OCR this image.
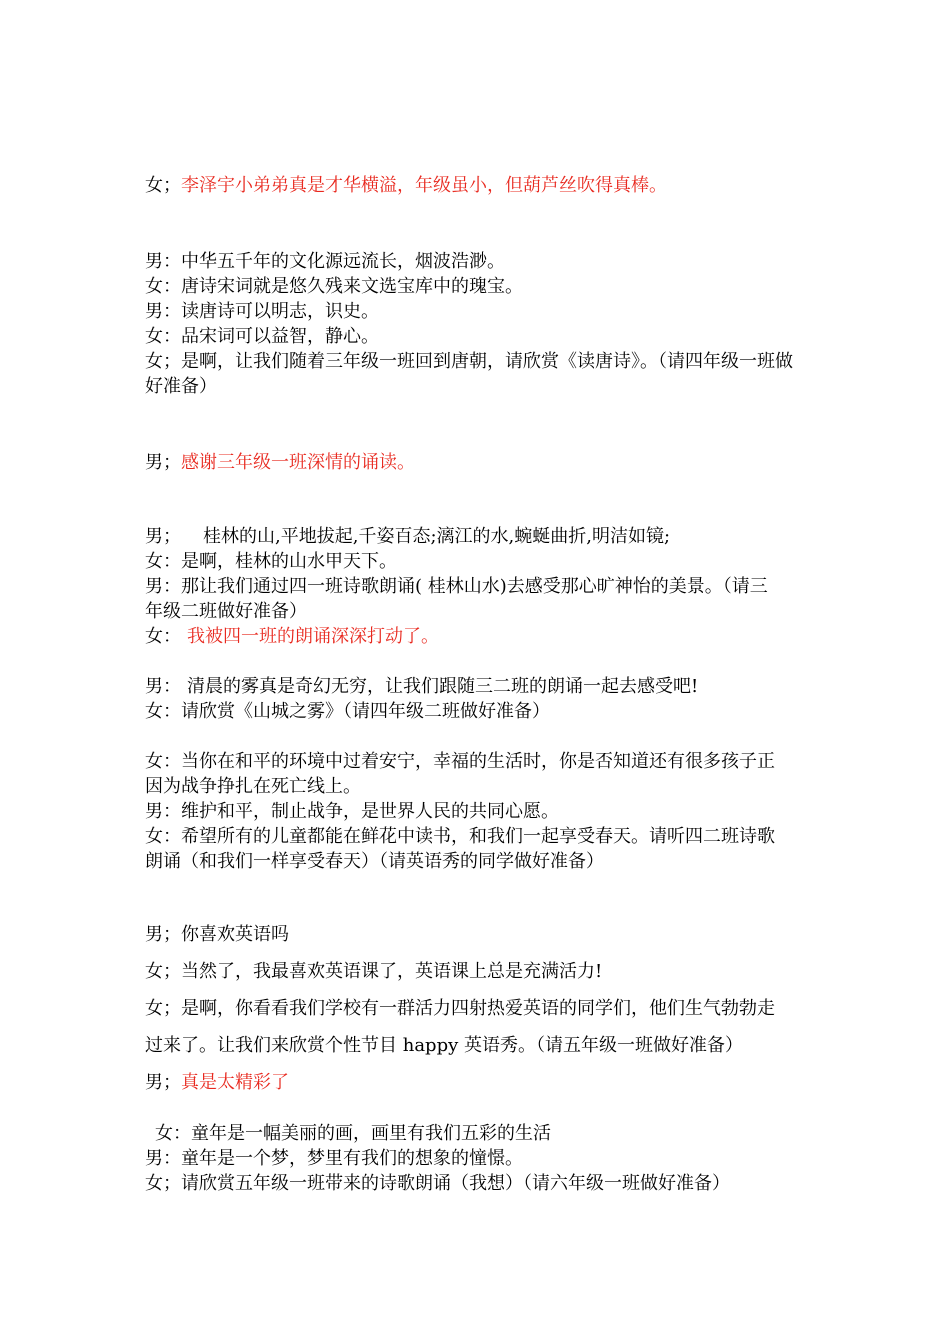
女；李泽宇小弟弟真是才华横溢，年级虽小，但葫芦丝吹得真棒。
男：中华五千年的文化源远流长，烟波浩渺。
女：唐诗宋词就是悠久残来文选宝库中的瑰宝。
男：读唐诗可以明志，识史。
女：品宋词可以益智，静心。
女；是啊，让我们随着三年级一班回到唐朝，请欣赏《读唐诗》。（请四年级一班做
好准备）
男；感谢三年级一班深情的诵读。
男； 桂林的山,平地拔起,千姿百态;漓江的水,蜿蜒曲折,明洁如镜;
女：是啊，桂林的山水甲天下。
男：那让我们通过四一班诗歌朗诵( 桂林山水)去感受那心旷神怡的美景。（请三
年级二班做好准备）
女： 我被四一班的朗诵深深打动了。
男： 清晨的雾真是奇幻无穷，让我们跟随三二班的朗诵一起去感受吧!
女：请欣赏《山城之雾》（请四年级二班做好准备）
女：当你在和平的环境中过着安宁，幸福的生活时，你是否知道还有很多孩子正
因为战争挣扎在死亡线上。
男：维护和平，制止战争，是世界人民的共同心愿。
女：希望所有的儿童都能在鲜花中读书，和我们一起享受春天。请听四二班诗歌
朗诵（和我们一样享受春天）（请英语秀的同学做好准备）
男；你喜欢英语吗
女；当然了，我最喜欢英语课了，英语课上总是充满活力!
女；是啊，你看看我们学校有一群活力四射热爱英语的同学们，他们生气勃勃走
过来了。让我们来欣赏个性节目 happy 英语秀。（请五年级一班做好准备）
男；真是太精彩了
女：童年是一幅美丽的画，画里有我们五彩的生活
男：童年是一个梦，梦里有我们的想象的憧憬。
女；请欣赏五年级一班带来的诗歌朗诵（我想）（请六年级一班做好准备）
